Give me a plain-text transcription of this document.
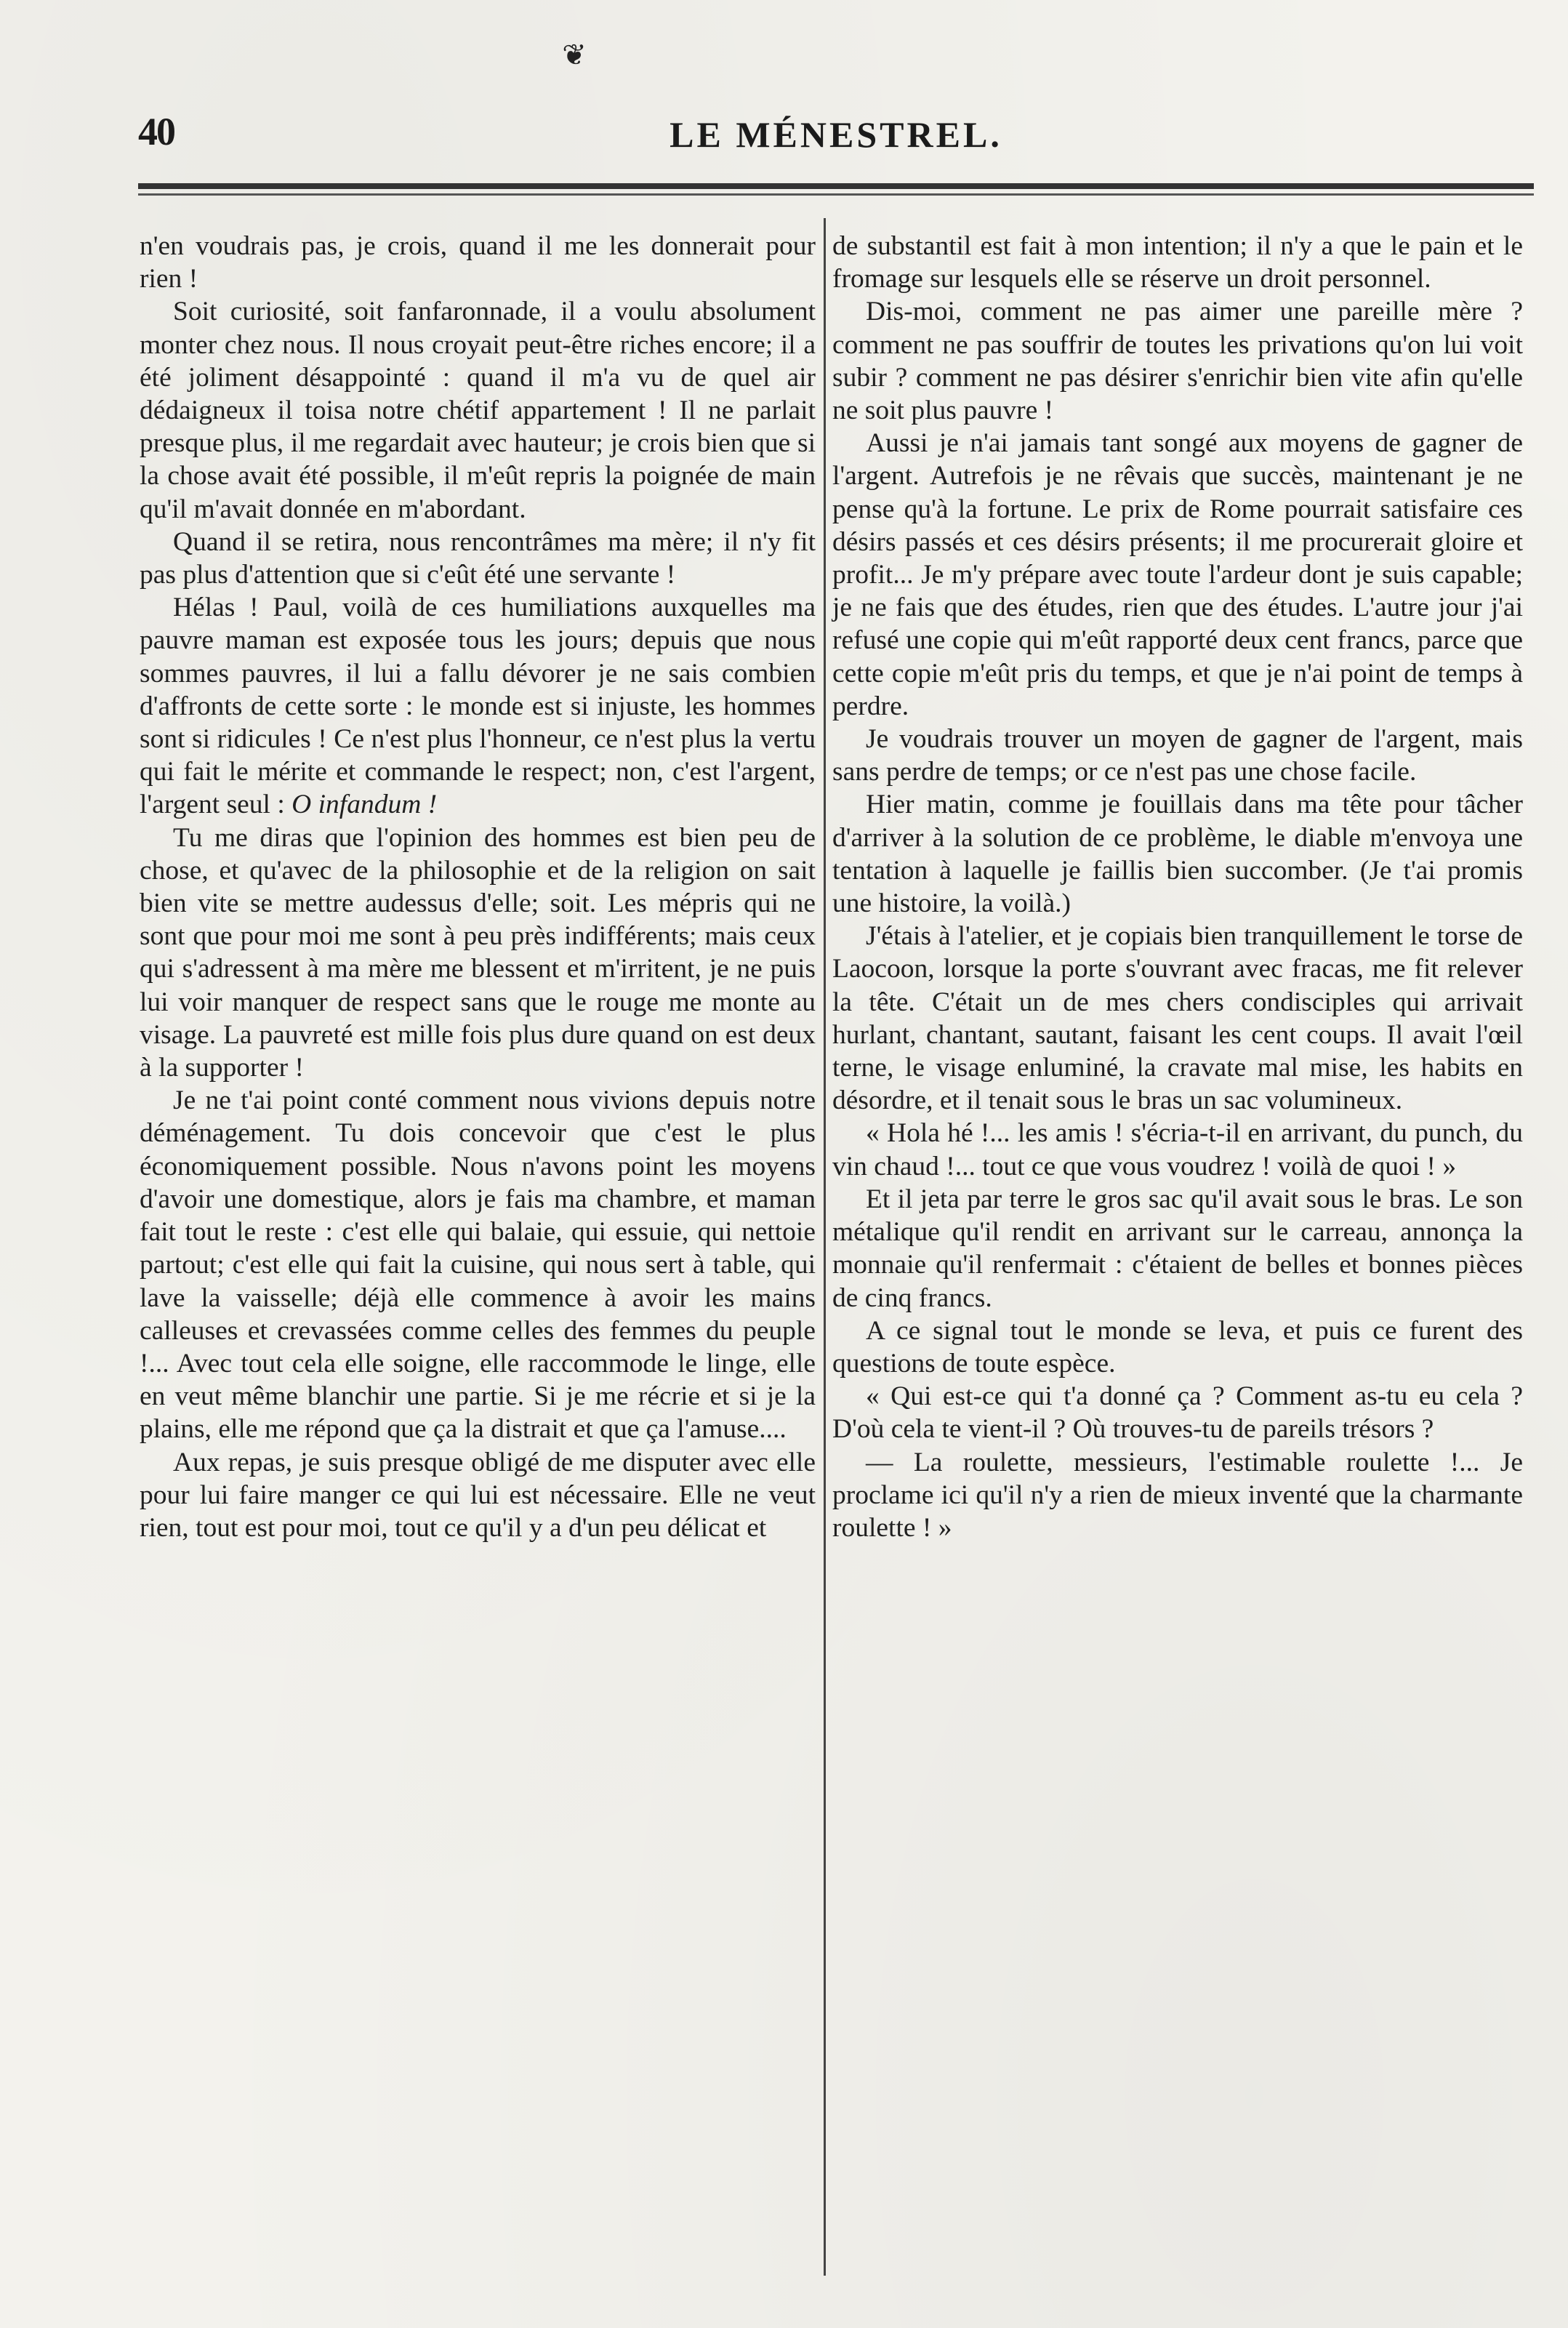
❦
40	LE MÉNESTREL.

n'en voudrais pas, je crois, quand il me les donnerait pour rien !

Soit curiosité, soit fanfaronnade, il a voulu absolument monter chez nous. Il nous croyait peut-être riches encore; il a été joliment désappointé : quand il m'a vu de quel air dédaigneux il toisa notre chétif appartement ! Il ne parlait presque plus, il me regardait avec hauteur; je crois bien que si la chose avait été possible, il m'eût repris la poignée de main qu'il m'avait donnée en m'abordant.

Quand il se retira, nous rencontrâmes ma mère; il n'y fit pas plus d'attention que si c'eût été une servante !

Hélas ! Paul, voilà de ces humiliations auxquelles ma pauvre maman est exposée tous les jours; depuis que nous sommes pauvres, il lui a fallu dévorer je ne sais combien d'affronts de cette sorte : le monde est si injuste, les hommes sont si ridicules ! Ce n'est plus l'honneur, ce n'est plus la vertu qui fait le mérite et commande le respect; non, c'est l'argent, l'argent seul : O infandum !

Tu me diras que l'opinion des hommes est bien peu de chose, et qu'avec de la philosophie et de la religion on sait bien vite se mettre audessus d'elle; soit. Les mépris qui ne sont que pour moi me sont à peu près indifférents; mais ceux qui s'adressent à ma mère me blessent et m'irritent, je ne puis lui voir manquer de respect sans que le rouge me monte au visage. La pauvreté est mille fois plus dure quand on est deux à la supporter !

Je ne t'ai point conté comment nous vivions depuis notre déménagement. Tu dois concevoir que c'est le plus économiquement possible. Nous n'avons point les moyens d'avoir une domestique, alors je fais ma chambre, et maman fait tout le reste : c'est elle qui balaie, qui essuie, qui nettoie partout; c'est elle qui fait la cuisine, qui nous sert à table, qui lave la vaisselle; déjà elle commence à avoir les mains calleuses et crevassées comme celles des femmes du peuple !... Avec tout cela elle soigne, elle raccommode le linge, elle en veut même blanchir une partie. Si je me récrie et si je la plains, elle me répond que ça la distrait et que ça l'amuse....

Aux repas, je suis presque obligé de me disputer avec elle pour lui faire manger ce qui lui est nécessaire. Elle ne veut rien, tout est pour moi, tout ce qu'il y a d'un peu délicat et

de substantil est fait à mon intention; il n'y a que le pain et le fromage sur lesquels elle se réserve un droit personnel.

Dis-moi, comment ne pas aimer une pareille mère ? comment ne pas souffrir de toutes les privations qu'on lui voit subir ? comment ne pas désirer s'enrichir bien vite afin qu'elle ne soit plus pauvre !

Aussi je n'ai jamais tant songé aux moyens de gagner de l'argent. Autrefois je ne rêvais que succès, maintenant je ne pense qu'à la fortune. Le prix de Rome pourrait satisfaire ces désirs passés et ces désirs présents; il me procurerait gloire et profit... Je m'y prépare avec toute l'ardeur dont je suis capable; je ne fais que des études, rien que des études. L'autre jour j'ai refusé une copie qui m'eût rapporté deux cent francs, parce que cette copie m'eût pris du temps, et que je n'ai point de temps à perdre.

Je voudrais trouver un moyen de gagner de l'argent, mais sans perdre de temps; or ce n'est pas une chose facile.

Hier matin, comme je fouillais dans ma tête pour tâcher d'arriver à la solution de ce problème, le diable m'envoya une tentation à laquelle je faillis bien succomber. (Je t'ai promis une histoire, la voilà.)

J'étais à l'atelier, et je copiais bien tranquillement le torse de Laocoon, lorsque la porte s'ouvrant avec fracas, me fit relever la tête. C'était un de mes chers condisciples qui arrivait hurlant, chantant, sautant, faisant les cent coups. Il avait l'œil terne, le visage enluminé, la cravate mal mise, les habits en désordre, et il tenait sous le bras un sac volumineux.

« Hola hé !... les amis ! s'écria-t-il en arrivant, du punch, du vin chaud !... tout ce que vous voudrez ! voilà de quoi ! »

Et il jeta par terre le gros sac qu'il avait sous le bras. Le son métalique qu'il rendit en arrivant sur le carreau, annonça la monnaie qu'il renfermait : c'étaient de belles et bonnes pièces de cinq francs.

A ce signal tout le monde se leva, et puis ce furent des questions de toute espèce.

« Qui est-ce qui t'a donné ça ? Comment as-tu eu cela ? D'où cela te vient-il ? Où trouves-tu de pareils trésors ?

— La roulette, messieurs, l'estimable roulette !... Je proclame ici qu'il n'y a rien de mieux inventé que la charmante roulette ! »
